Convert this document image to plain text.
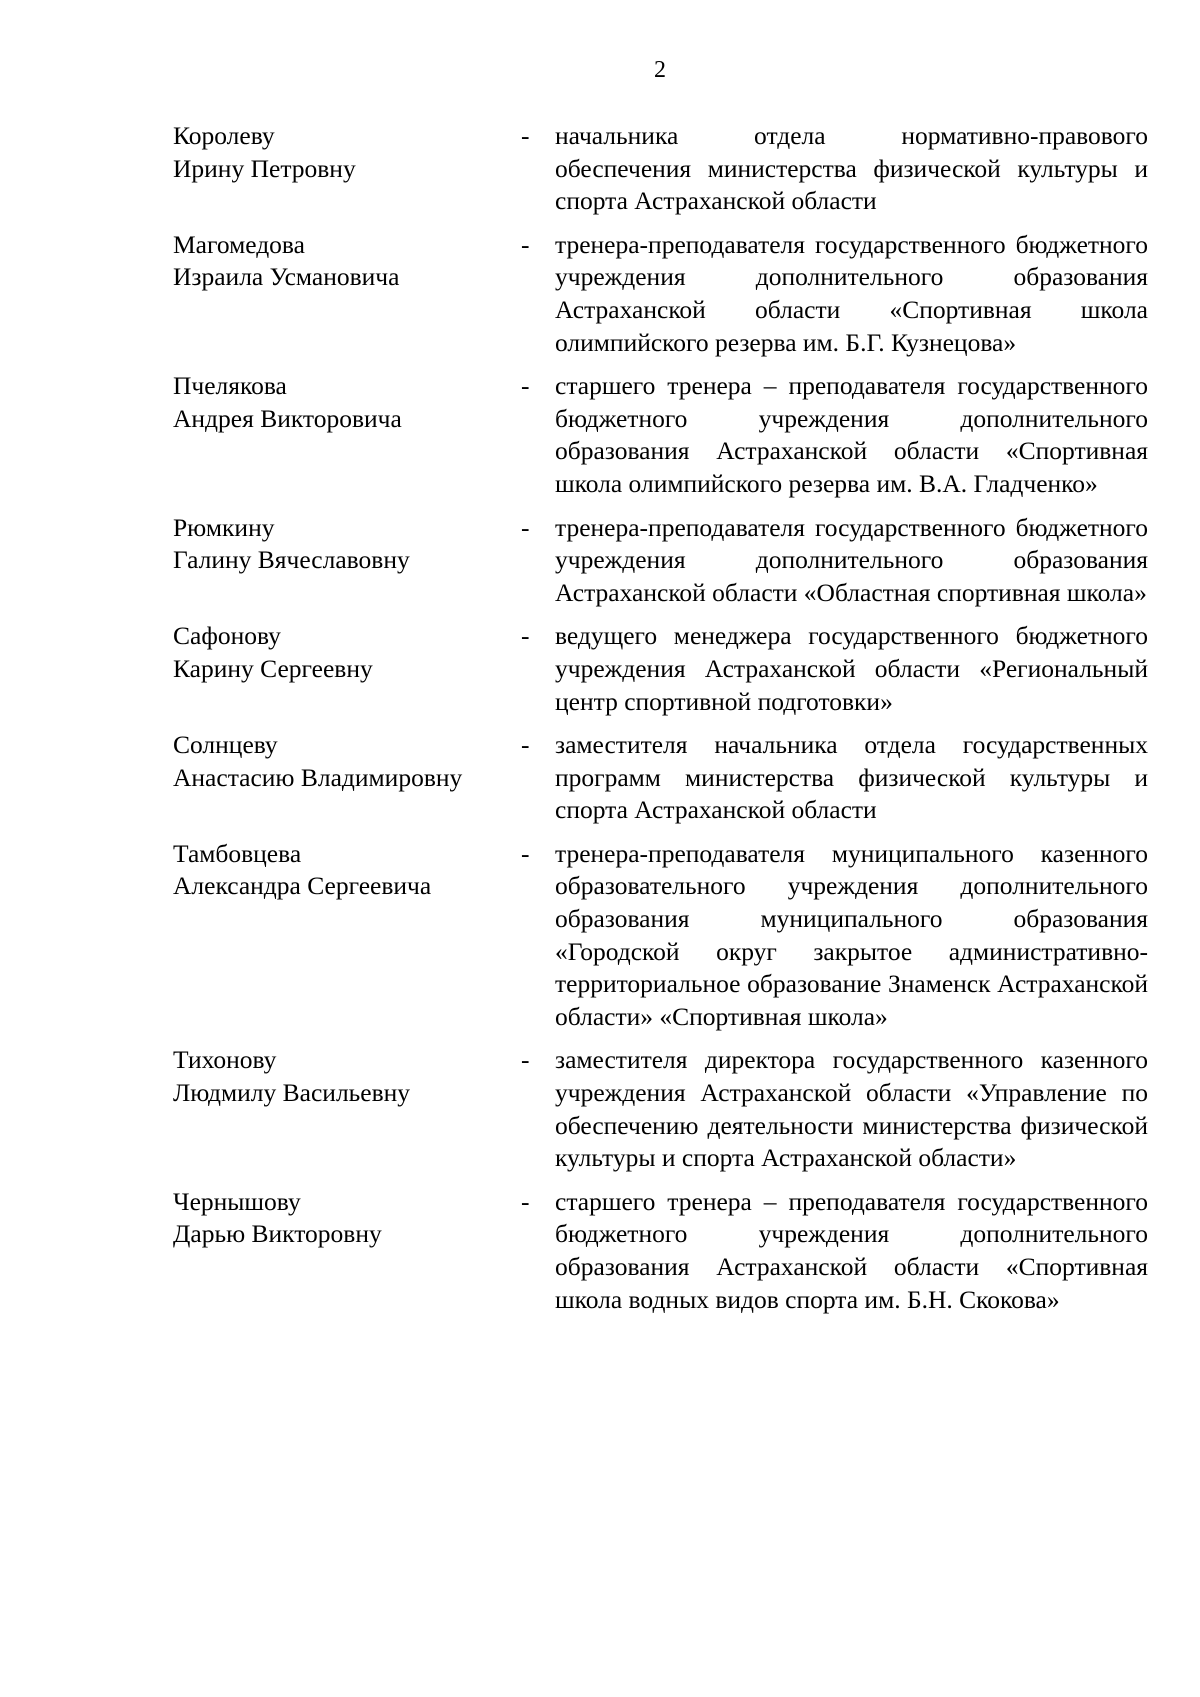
2
Королеву
Ирину Петровну
-	начальника отдела нормативно-правового обеспечения министерства физической культуры и спорта Астраханской области
Магомедова
Израила Усмановича
-	тренера-преподавателя государственного бюджетного учреждения дополнительного образования Астраханской области «Спортивная школа олимпийского резерва им. Б.Г. Кузнецова»
Пчелякова
Андрея Викторовича
-	старшего тренера – преподавателя государственного бюджетного учреждения дополнительного образования Астраханской области «Спортивная школа олимпийского резерва им. В.А. Гладченко»
Рюмкину
Галину Вячеславовну
-	тренера-преподавателя государственного бюджетного учреждения дополнительного образования Астраханской области «Областная спортивная школа»
Сафонову
Карину Сергеевну
-	ведущего менеджера государственного бюджетного учреждения Астраханской области «Региональный центр спортивной подготовки»
Солнцеву
Анастасию Владимировну
-	заместителя начальника отдела государственных программ министерства физической культуры и спорта Астраханской области
Тамбовцева
Александра Сергеевича
-	тренера-преподавателя муниципального казенного образовательного учреждения дополнительного образования муниципального образования «Городской округ закрытое административно-территориальное образование Знаменск Астраханской области» «Спортивная школа»
Тихонову
Людмилу Васильевну
-	заместителя директора государственного казенного учреждения Астраханской области «Управление по обеспечению деятельности министерства физической культуры и спорта Астраханской области»
Чернышову
Дарью Викторовну
-	старшего тренера – преподавателя государственного бюджетного учреждения дополнительного образования Астраханской области «Спортивная школа водных видов спорта им. Б.Н. Скокова»
